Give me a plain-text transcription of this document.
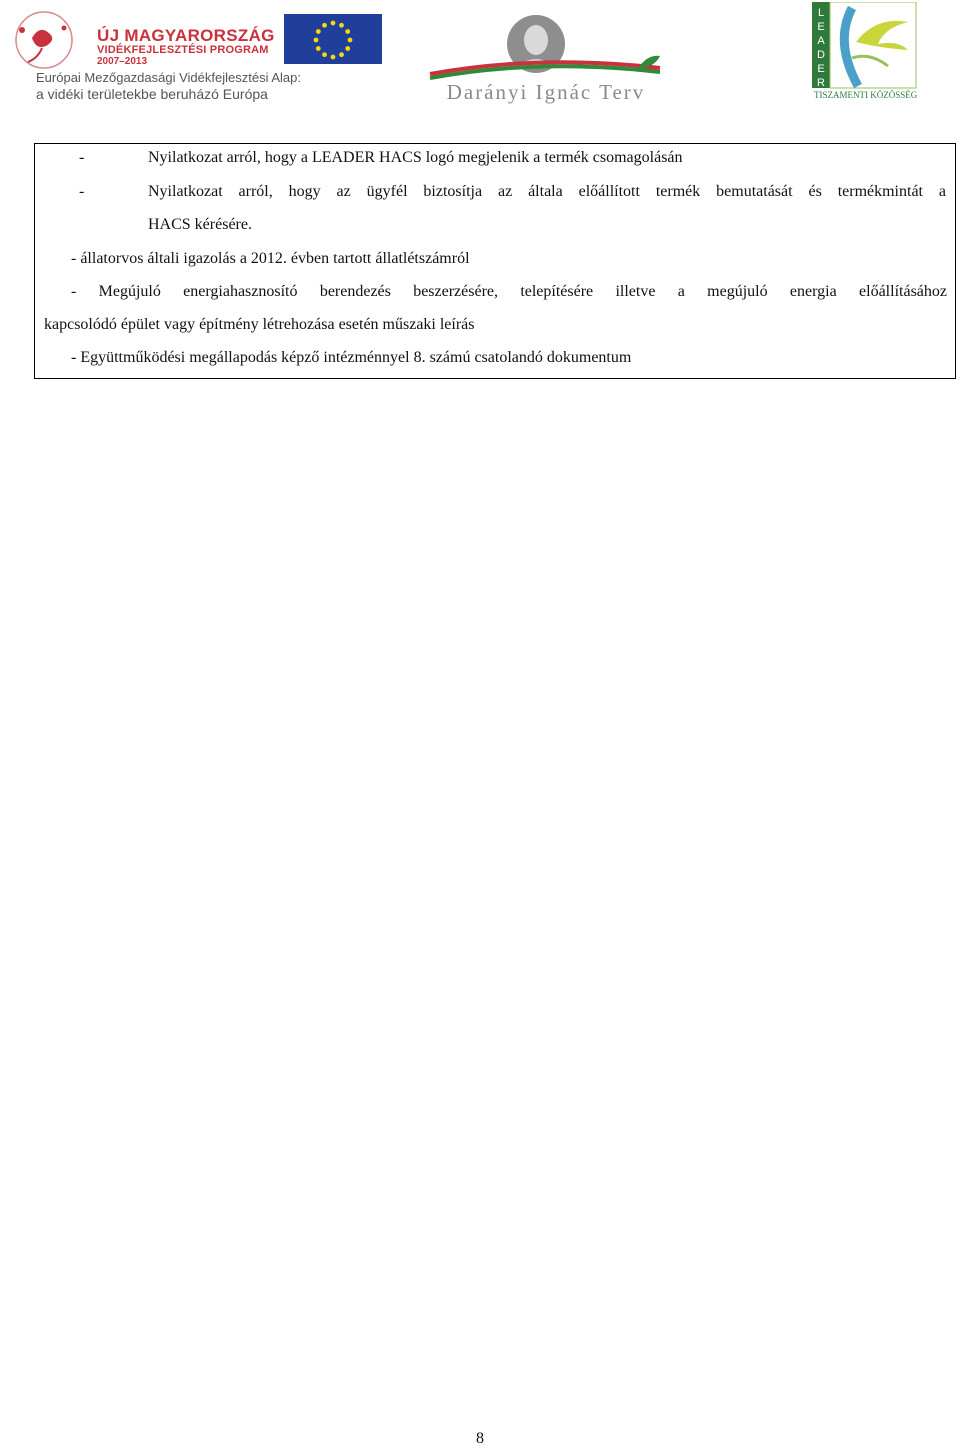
ÚJ MAGYARORSZÁG
VIDÉKFEJLESZTÉSI PROGRAM
2007–2013
Európai Mezőgazdasági Vidékfejlesztési Alap:
a vidéki területekbe beruházó Európa	Darányi Ignác Terv
LEADER
TISZAMENTI KÖZÖSSÉG
-	Nyilatkozat arról, hogy a LEADER HACS logó megjelenik a termék csomagolásán
-	Nyilatkozat arról, hogy az ügyfél biztosítja az általa előállított termék bemutatását és termékmintát a
HACS kérésére.
- állatorvos általi igazolás a 2012. évben tartott állatlétszámról
- Megújuló energiahasznosító berendezés beszerzésére, telepítésére illetve a megújuló energia előállításához
kapcsolódó épület vagy építmény létrehozása esetén műszaki leírás
- Együttműködési megállapodás képző intézménnyel 8. számú csatolandó dokumentum
8
